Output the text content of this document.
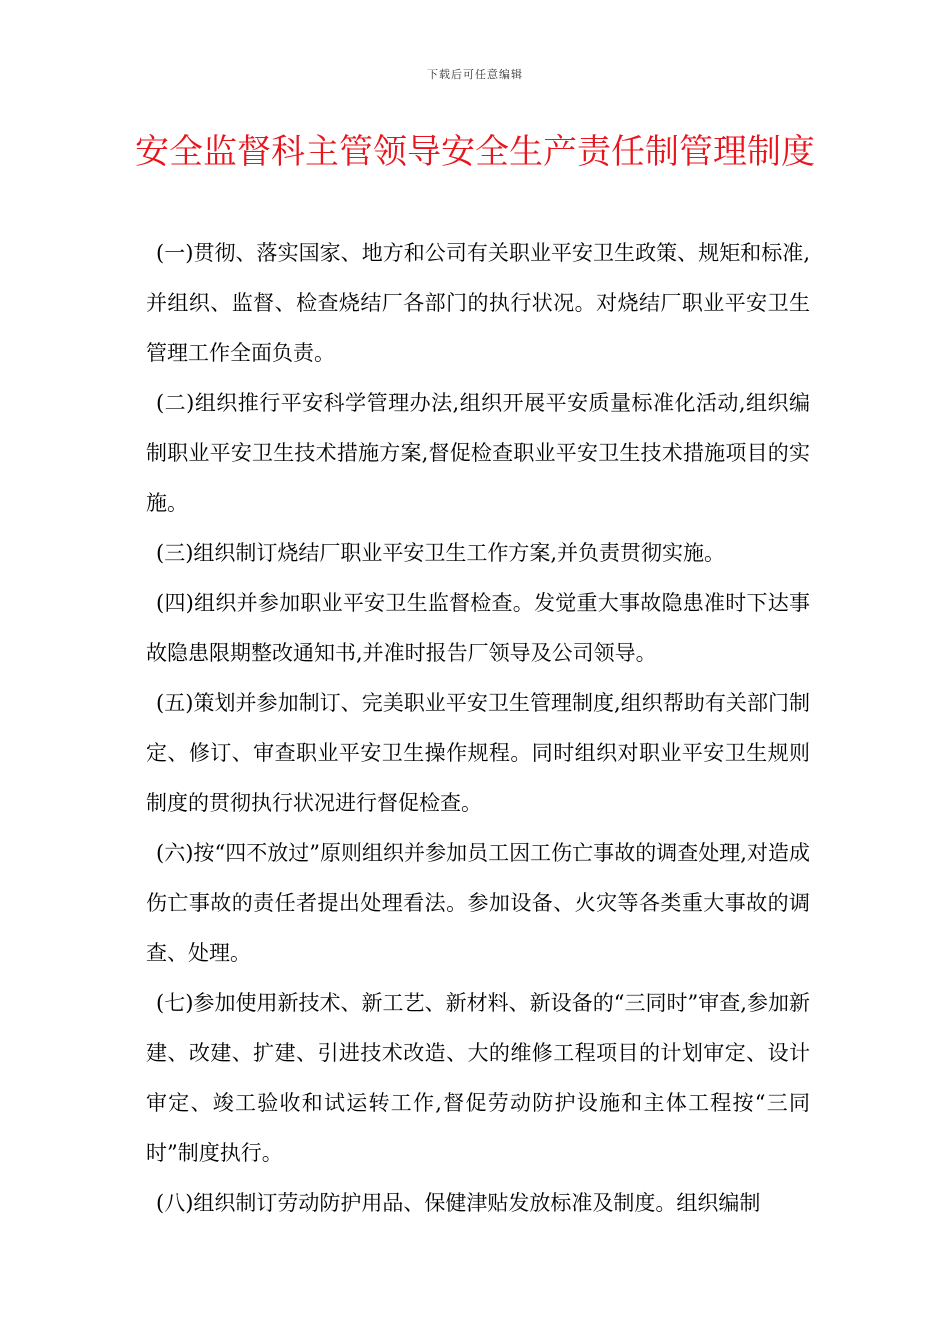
下载后可任意编辑
安全监督科主管领导安全生产责任制管理制度

(一)贯彻、落实国家、地方和公司有关职业平安卫生政策、规矩和标准,并组织、监督、检查烧结厂各部门的执行状况。对烧结厂职业平安卫生管理工作全面负责。

(二)组织推行平安科学管理办法,组织开展平安质量标准化活动,组织编制职业平安卫生技术措施方案,督促检查职业平安卫生技术措施项目的实施。

(三)组织制订烧结厂职业平安卫生工作方案,并负责贯彻实施。

(四)组织并参加职业平安卫生监督检查。发觉重大事故隐患准时下达事故隐患限期整改通知书,并准时报告厂领导及公司领导。

(五)策划并参加制订、完美职业平安卫生管理制度,组织帮助有关部门制定、修订、审查职业平安卫生操作规程。同时组织对职业平安卫生规则制度的贯彻执行状况进行督促检查。

(六)按“四不放过”原则组织并参加员工因工伤亡事故的调查处理,对造成伤亡事故的责任者提出处理看法。参加设备、火灾等各类重大事故的调查、处理。

(七)参加使用新技术、新工艺、新材料、新设备的“三同时”审查,参加新建、改建、扩建、引进技术改造、大的维修工程项目的计划审定、设计审定、竣工验收和试运转工作,督促劳动防护设施和主体工程按“三同时”制度执行。

(八)组织制订劳动防护用品、保健津贴发放标准及制度。组织编制
